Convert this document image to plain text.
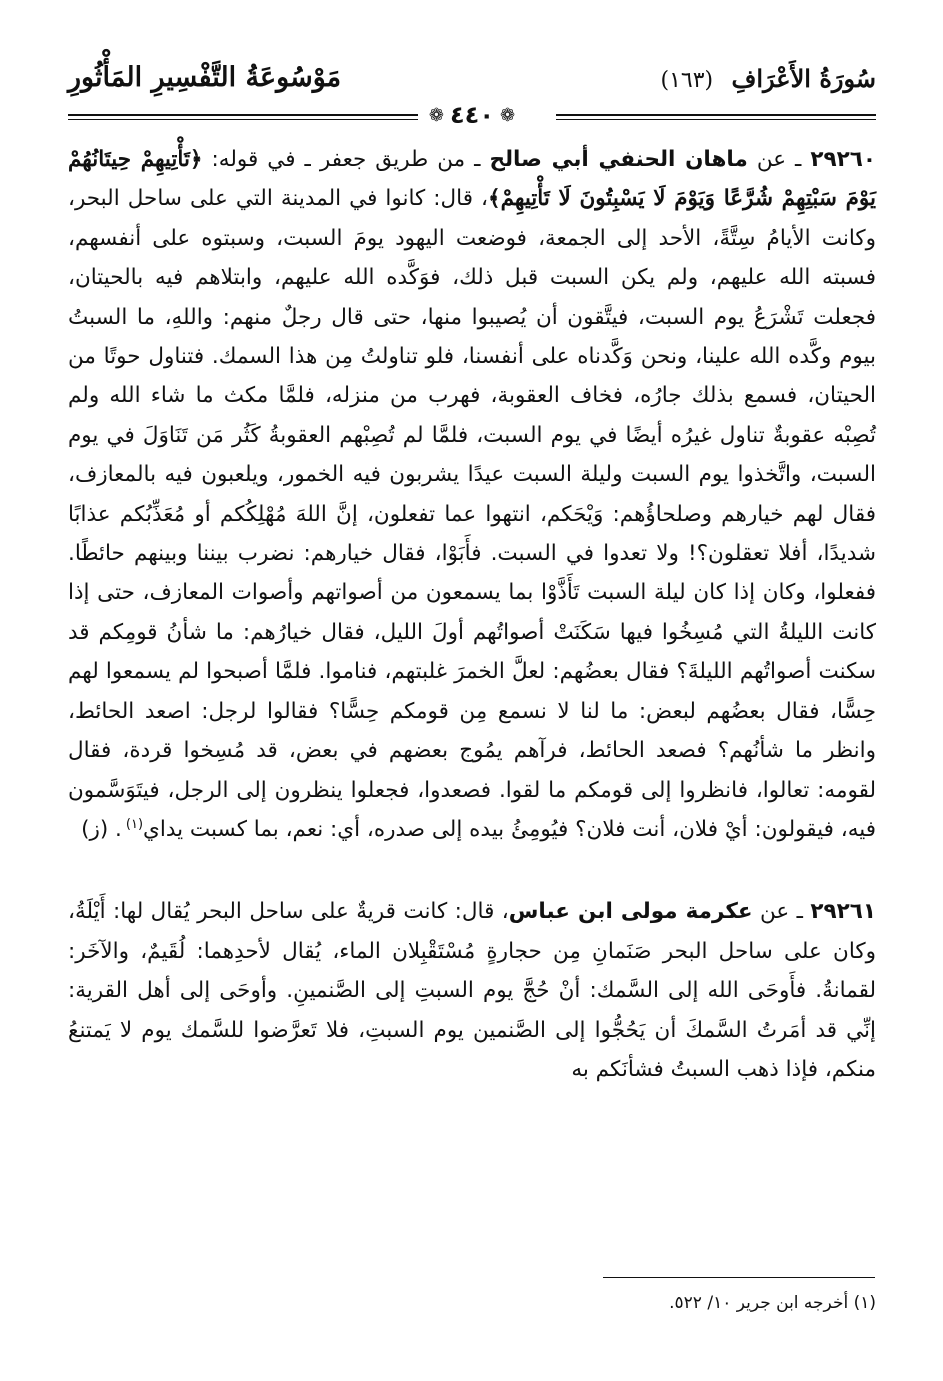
مَوْسُوعَةُ التَّفْسِيرِ المَأْثُورِ	سُورَةُ الأَعْرَافِ (١٦٣)
❁٤٤٠❁

٢٩٢٦٠ ـ عن ماهان الحنفي أبي صالح ـ من طريق جعفر ـ في قوله: ﴿تَأْتِيهِمْ حِيتَانُهُمْ يَوْمَ سَبْتِهِمْ شُرَّعًا وَيَوْمَ لَا يَسْبِتُونَ لَا تَأْتِيهِمْ﴾، قال: كانوا في المدينة التي على ساحل البحر، وكانت الأيامُ سِتَّةً، الأحد إلى الجمعة، فوضعت اليهود يومَ السبت، وسبتوه على أنفسهم، فسبته الله عليهم، ولم يكن السبت قبل ذلك، فوَكَّده الله عليهم، وابتلاهم فيه بالحيتان، فجعلت تَشْرَعُ يوم السبت، فيتَّقون أن يُصيبوا منها، حتى قال رجلٌ منهم: واللهِ، ما السبتُ بيوم وكَّده الله علينا، ونحن وَكَّدناه على أنفسنا، فلو تناولتُ مِن هذا السمك. فتناول حوتًا من الحيتان، فسمع بذلك جارُه، فخاف العقوبة، فهرب من منزله، فلمَّا مكث ما شاء الله ولم تُصِبْه عقوبةٌ تناول غيرُه أيضًا في يوم السبت، فلمَّا لم تُصِبْهم العقوبةُ كَثُر مَن تَنَاوَلَ في يوم السبت، واتَّخذوا يوم السبت وليلة السبت عيدًا يشربون فيه الخمور، ويلعبون فيه بالمعازف، فقال لهم خيارهم وصلحاؤُهم: وَيْحَكم، انتهوا عما تفعلون، إنَّ اللهَ مُهْلِكُكم أو مُعَذِّبُكم عذابًا شديدًا، أفلا تعقلون؟! ولا تعدوا في السبت. فأَبَوْا، فقال خيارهم: نضرب بيننا وبينهم حائطًا. ففعلوا، وكان إذا كان ليلة السبت تَأَذَّوْا بما يسمعون من أصواتهم وأصوات المعازف، حتى إذا كانت الليلةُ التي مُسِخُوا فيها سَكَنَتْ أصواتُهم أولَ الليل، فقال خيارُهم: ما شأنُ قومِكم قد سكنت أصواتُهم الليلةَ؟ فقال بعضُهم: لعلَّ الخمرَ غلبتهم، فناموا. فلمَّا أصبحوا لم يسمعوا لهم حِسًّا، فقال بعضُهم لبعض: ما لنا لا نسمع مِن قومكم حِسًّا؟ فقالوا لرجل: اصعد الحائط، وانظر ما شأنُهم؟ فصعد الحائط، فرآهم يمُوج بعضهم في بعض، قد مُسِخوا قردة، فقال لقومه: تعالوا، فانظروا إلى قومكم ما لقوا. فصعدوا، فجعلوا ينظرون إلى الرجل، فيتَوَسَّمون فيه، فيقولون: أيْ فلان، أنت فلان؟ فيُومِئُ بيده إلى صدره، أي: نعم، بما كسبت يداي$^{(١)}$. (ز)

٢٩٢٦١ ـ عن عكرمة مولى ابن عباس، قال: كانت قريةٌ على ساحل البحر يُقال لها: أَيْلَةُ، وكان على ساحل البحر صَنَمانِ مِن حجارةٍ مُسْتَقْبِلان الماء، يُقال لأحدِهما: لُقَيمٌ، والآخَر: لقمانةُ. فأَوحَى الله إلى السَّمك: أنْ حُجَّ يوم السبتِ إلى الصَّنمينِ. وأوحَى إلى أهل القرية: إنِّي قد أمَرتُ السَّمكَ أن يَحُجُّوا إلى الصَّنمين يوم السبتِ، فلا تَعرَّضوا للسَّمك يوم لا يَمتنعُ منكم، فإذا ذهب السبتُ فشأنَكم به

(١) أخرجه ابن جرير ١٠/ ٥٢٢.
